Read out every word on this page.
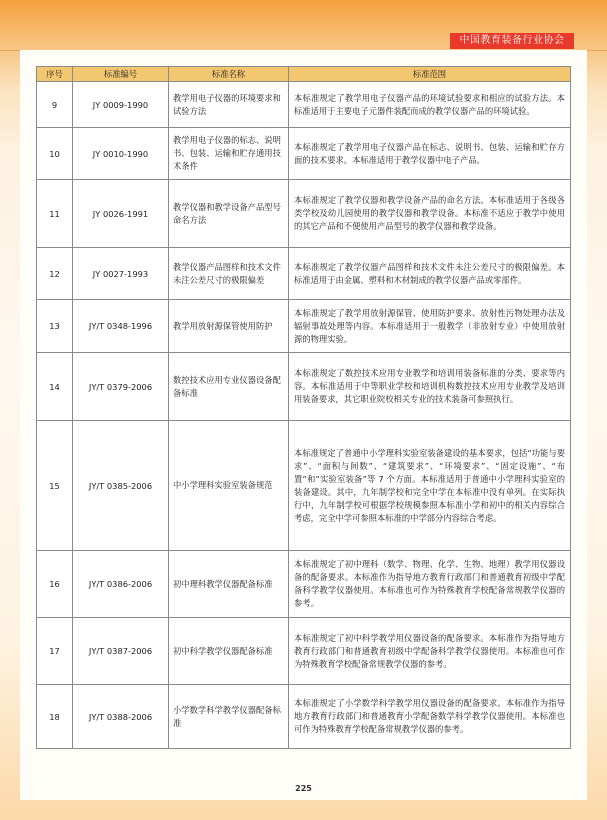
中国教育装备行业协会
序号	标准编号	标准名称	标准范围
9	JY 0009-1990	教学用电子仪器的环境要求和试验方法	本标准规定了教学用电子仪器产品的环境试验要求和相应的试验方法。本标准适用于主要电子元器件装配而成的教学仪器产品的环境试验。
10	JY 0010-1990	教学用电子仪器的标志、说明书、包装、运输和贮存通用技术条件	本标准规定了教学用电子仪器产品在标志、说明书、包装、运输和贮存方面的技术要求。本标准适用于教学仪器中电子产品。
11	JY 0026-1991	教学仪器和教学设备产品型号命名方法	本标准规定了教学仪器和教学设备产品的命名方法。本标准适用于各级各类学校及幼儿园使用的教学仪器和教学设备。本标准不适应于教学中使用的其它产品和不便使用产品型号的教学仪器和教学设备。
12	JY 0027-1993	教学仪器产品图样和技术文件未注公差尺寸的极限偏差	本标准规定了教学仪器产品图样和技术文件未注公差尺寸的极限偏差。本标准适用于由金属、塑料和木材制成的教学仪器产品或零部件。
13	JY/T 0348-1996	教学用放射源保管使用防护	本标准规定了教学用放射源保管、使用防护要求、放射性污物处理办法及辐射事故处理等内容。本标准适用于一般教学（非放射专业）中使用放射源的物理实验。
14	JY/T 0379-2006	数控技术应用专业仪器设备配备标准	本标准规定了数控技术应用专业教学和培训用装备标准的分类、要求等内容。本标准适用于中等职业学校和培训机构数控技术应用专业教学及培训用装备要求，其它职业院校相关专业的技术装备可参照执行。
15	JY/T 0385-2006	中小学理科实验室装备规范	本标准规定了普通中小学理科实验室装备建设的基本要求，包括“功能与要求”、“面积与间数”、“建筑要求”、“环境要求”、“固定设施”、“布置”和“实验室装备”等 7 个方面。本标准适用于普通中小学理科实验室的装备建设。其中，九年制学校和完全中学在本标准中没有单列。在实际执行中，九年制学校可根据学校规模参照本标准小学和初中的相关内容综合考虑，完全中学可参照本标准的中学部分内容综合考虑。
16	JY/T 0386-2006	初中理科教学仪器配备标准	本标准规定了初中理科（数学、物理、化学、生物、地理）教学用仪器设备的配备要求。本标准作为指导地方教育行政部门和普通教育初级中学配备科学教学仪器使用。本标准也可作为特殊教育学校配备常规教学仪器的参考。
17	JY/T 0387-2006	初中科学教学仪器配备标准	本标准规定了初中科学教学用仪器设备的配备要求。本标准作为指导地方教育行政部门和普通教育初级中学配备科学教学仪器使用。本标准也可作为特殊教育学校配备常规教学仪器的参考。
18	JY/T 0388-2006	小学数学科学教学仪器配备标准	本标准规定了小学数学科学教学用仪器设备的配备要求。本标准作为指导地方教育行政部门和普通教育小学配备数学科学教学仪器使用。本标准也可作为特殊教育学校配备常规教学仪器的参考。
225
